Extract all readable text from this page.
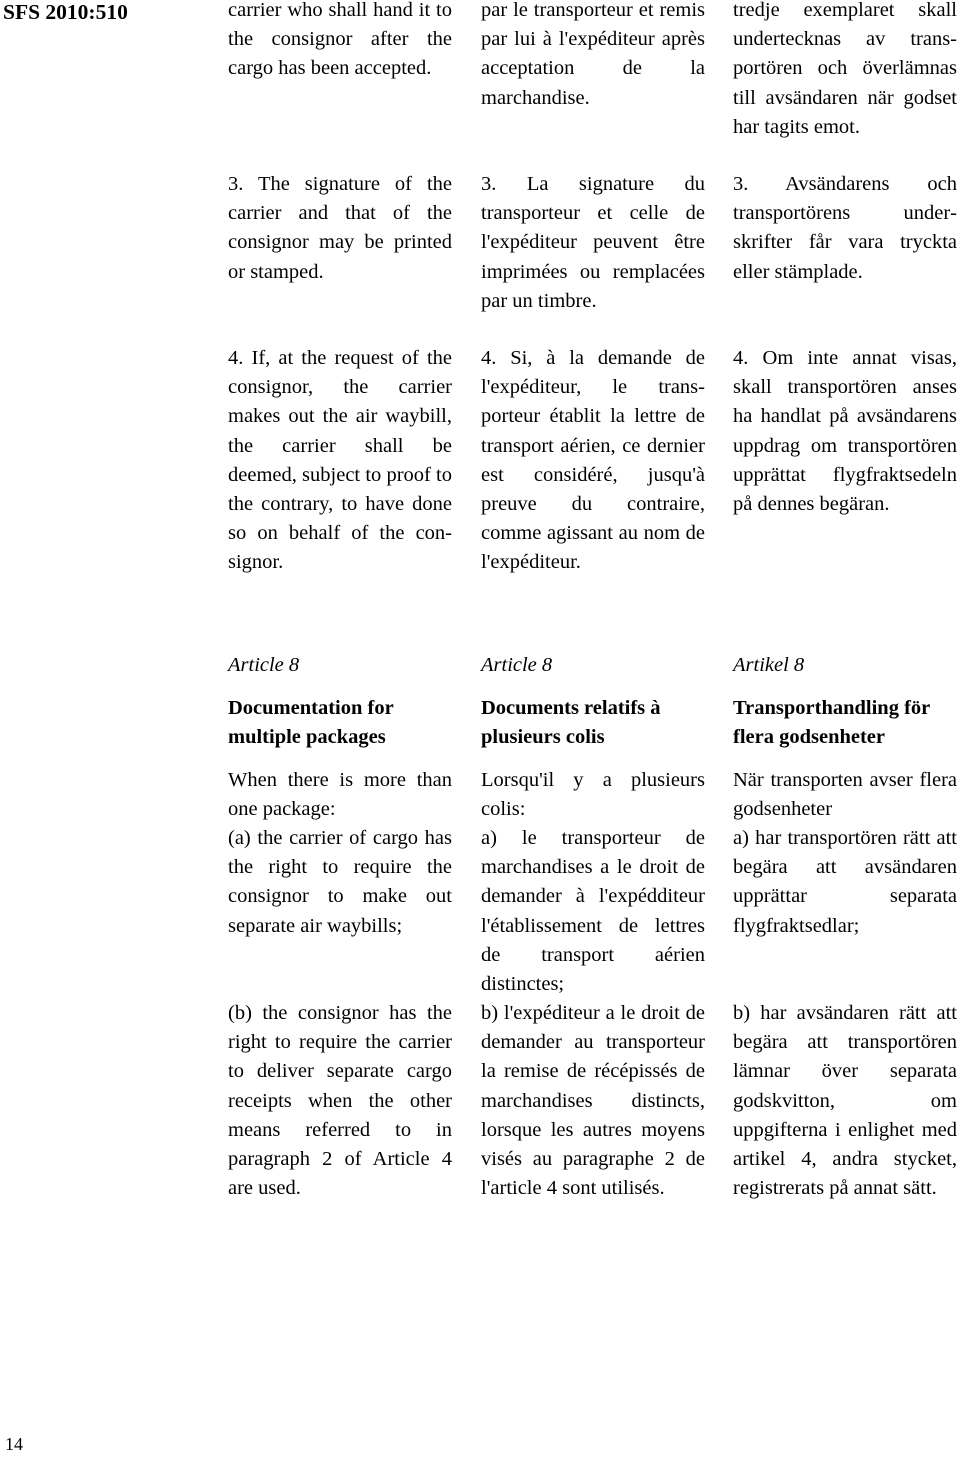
SFS 2010:510	carrier who shall hand it to the consignor after the cargo has been accepted.

3. The signature of the carrier and that of the consignor may be printed or stamped.

4. If, at the request of the consignor, the carrier makes out the air waybill, the carrier shall be deemed, subject to proof to the contrary, to have done so on behalf of the consignor.

Article 8

Documentation for multiple packages

When there is more than one package:

(a) the carrier of cargo has the right to require the consignor to make out separate air waybills;

(b) the consignor has the right to require the carrier to deliver separate cargo receipts when the other means referred to in paragraph 2 of Article 4 are used.

par le transporteur et remis par lui à l'expéditeur après acceptation de la marchandise.

3. La signature du transporteur et celle de l'expéditeur peuvent être imprimées ou remplacées par un timbre.

4. Si, à la demande de l'expéditeur, le transporteur établit la lettre de transport aérien, ce dernier est considéré, jusqu'à preuve du contraire, comme agissant au nom de l'expéditeur.

Article 8

Documents relatifs à plusieurs colis

Lorsqu'il y a plusieurs colis:

a) le transporteur de marchandises a le droit de demander à l'expédditeur l'établissement de lettres de transport aérien distinctes;

b) l'expéditeur a le droit de demander au transporteur la remise de récépissés de marchandises distincts, lorsque les autres moyens visés au paragraphe 2 de l'article 4 sont utilisés.

tredje exemplaret skall undertecknas av transportören och överlämnas till avsändaren när godset har tagits emot.

3. Avsändarens och transportörens underskrifter får vara tryckta eller stämplade.

4. Om inte annat visas, skall transportören anses ha handlat på avsändarens uppdrag om transportören upprättat flygfraktsedeln på dennes begäran.

Artikel 8

Transporthandling för flera godsenheter

När transporten avser flera godsenheter

a) har transportören rätt att begära att avsändaren upprättar separata flygfraktsedlar;

b) har avsändaren rätt att begära att transportören lämnar över separata godskvitton, om uppgifterna i enlighet med artikel 4, andra stycket, registrerats på annat sätt.

14
